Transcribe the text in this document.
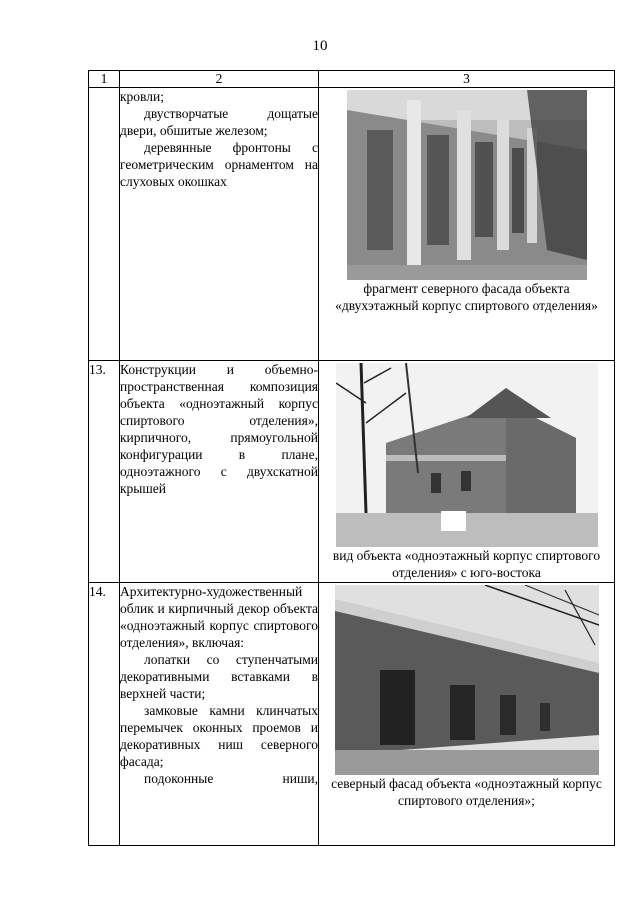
10
1	2	3

	кровли;

двустворчатые дощатые двери, обшитые железом;

деревянные фронтоны с геометрическим орнаментом на слуховых окошках	фрагмент северного фасада объекта «двухэтажный корпус спиртового отделения»

13.	Конструкции и объемно-пространственная композиция объекта «одноэтажный корпус спиртового отделения», кирпичного, прямоугольной конфигурации в плане, одноэтажного с двухскатной крышей	вид объекта «одноэтажный корпус спиртового отделения» с юго-востока

14.	Архитектурно-художественный облик и кирпичный декор объекта «одноэтажный корпус спиртового отделения», включая:

лопатки со ступенчатыми декоративными вставками в верхней части;

замковые камни клинчатых перемычек оконных проемов и декоративных ниш северного фасада;

подоконные ниши,	северный фасад объекта «одноэтажный корпус спиртового отделения»;
